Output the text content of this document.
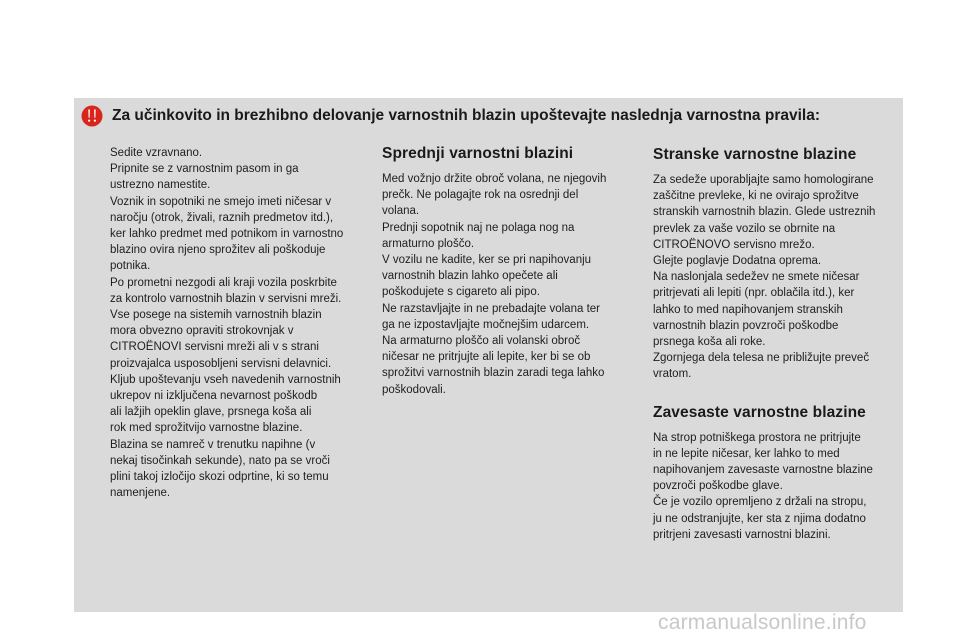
Za učinkovito in brezhibno delovanje varnostnih blazin upoštevajte naslednja varnostna pravila:

Sedite vzravnano.
Pripnite se z varnostnim pasom in ga
ustrezno namestite.
Voznik in sopotniki ne smejo imeti ničesar v
naročju (otrok, živali, raznih predmetov itd.),
ker lahko predmet med potnikom in varnostno
blazino ovira njeno sprožitev ali poškoduje
potnika.
Po prometni nezgodi ali kraji vozila poskrbite
za kontrolo varnostnih blazin v servisni mreži.
Vse posege na sistemih varnostnih blazin
mora obvezno opraviti strokovnjak v
CITROËNOVI servisni mreži ali v s strani
proizvajalca usposobljeni servisni delavnici.
Kljub upoštevanju vseh navedenih varnostnih
ukrepov ni izključena nevarnost poškodb
ali lažjih opeklin glave, prsnega koša ali
rok med sprožitvijo varnostne blazine.
Blazina se namreč v trenutku napihne (v
nekaj tisočinkah sekunde), nato pa se vroči
plini takoj izločijo skozi odprtine, ki so temu
namenjene.

Sprednji varnostni blazini

Med vožnjo držite obroč volana, ne njegovih
prečk. Ne polagajte rok na osrednji del
volana.
Prednji sopotnik naj ne polaga nog na
armaturno ploščo.
V vozilu ne kadite, ker se pri napihovanju
varnostnih blazin lahko opečete ali
poškodujete s cigareto ali pipo.
Ne razstavljajte in ne prebadajte volana ter
ga ne izpostavljajte močnejšim udarcem.
Na armaturno ploščo ali volanski obroč
ničesar ne pritrjujte ali lepite, ker bi se ob
sprožitvi varnostnih blazin zaradi tega lahko
poškodovali.

Stranske varnostne blazine

Za sedeže uporabljajte samo homologirane
zaščitne prevleke, ki ne ovirajo sprožitve
stranskih varnostnih blazin. Glede ustreznih
prevlek za vaše vozilo se obrnite na
CITROËNOVO servisno mrežo.
Glejte poglavje Dodatna oprema.
Na naslonjala sedežev ne smete ničesar
pritrjevati ali lepiti (npr. oblačila itd.), ker
lahko to med napihovanjem stranskih
varnostnih blazin povzroči poškodbe
prsnega koša ali roke.
Zgornjega dela telesa ne približujte preveč
vratom.

Zavesaste varnostne blazine

Na strop potniškega prostora ne pritrjujte
in ne lepite ničesar, ker lahko to med
napihovanjem zavesaste varnostne blazine
povzroči poškodbe glave.
Če je vozilo opremljeno z držali na stropu,
ju ne odstranjujte, ker sta z njima dodatno
pritrjeni zavesasti varnostni blazini.

carmanualsonline.info
